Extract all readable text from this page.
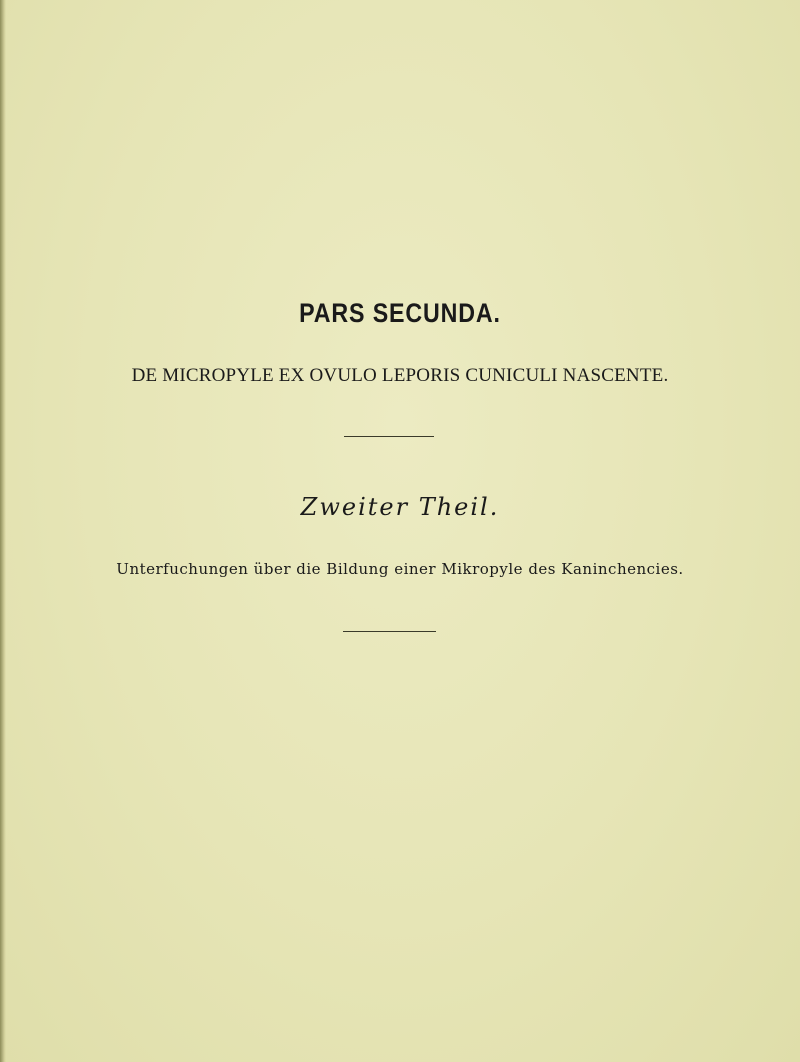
PARS SECUNDA.
DE MICROPYLE EX OVULO LEPORIS CUNICULI NASCENTE.
Zweiter Theil.
Unterfuchungen über die Bildung einer Mikropyle des Kaninchencies.
